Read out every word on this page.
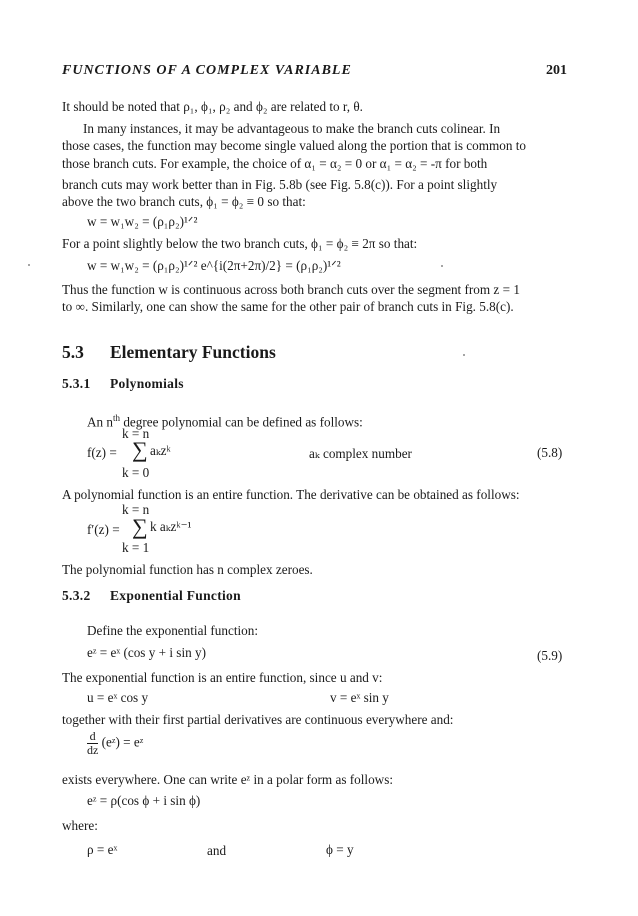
FUNCTIONS OF A COMPLEX VARIABLE	201
It should be noted that ρ₁, ϕ₁, ρ₂ and ϕ₂ are related to r, θ.
In many instances, it may be advantageous to make the branch cuts colinear. In
those cases, the function may become single valued along the portion that is common to
those branch cuts. For example, the choice of α₁ = α₂ = 0 or α₁ = α₂ = -π for both
branch cuts may work better than in Fig. 5.8b (see Fig. 5.8(c)). For a point slightly
above the two branch cuts, ϕ₁ = ϕ₂ ≡ 0 so that:
w = w₁w₂ = (ρ₁ρ₂)¹ᐟ²
For a point slightly below the two branch cuts, ϕ₁ = ϕ₂ ≡ 2π so that:
w = w₁w₂ = (ρ₁ρ₂)¹ᐟ² e^{i(2π+2π)/2} = (ρ₁ρ₂)¹ᐟ²
Thus the function w is continuous across both branch cuts over the segment from z = 1
to ∞. Similarly, one can show the same for the other pair of branch cuts in Fig. 5.8(c).
5.3 Elementary Functions
5.3.1 Polynomials
An $n^{th}$ degree polynomial can be defined as follows:
k = n
f(z) = ∑ aₖzᵏ
k = 0
aₖ complex number	(5.8)
A polynomial function is an entire function. The derivative can be obtained as follows:
k = n
f′(z) = ∑ k aₖzᵏ⁻¹
k = 1
The polynomial function has n complex zeroes.
5.3.2 Exponential Function
Define the exponential function:
eᶻ = eˣ (cos y + i sin y)	(5.9)
The exponential function is an entire function, since u and v:
u = eˣ cos y	v = eˣ sin y
together with their first partial derivatives are continuous everywhere and:
$\frac{d}{dz}$ (eᶻ) = eᶻ
exists everywhere. One can write eᶻ in a polar form as follows:
eᶻ = ρ(cos ϕ + i sin ϕ)
where:
ρ = eˣ	and	ϕ = y
